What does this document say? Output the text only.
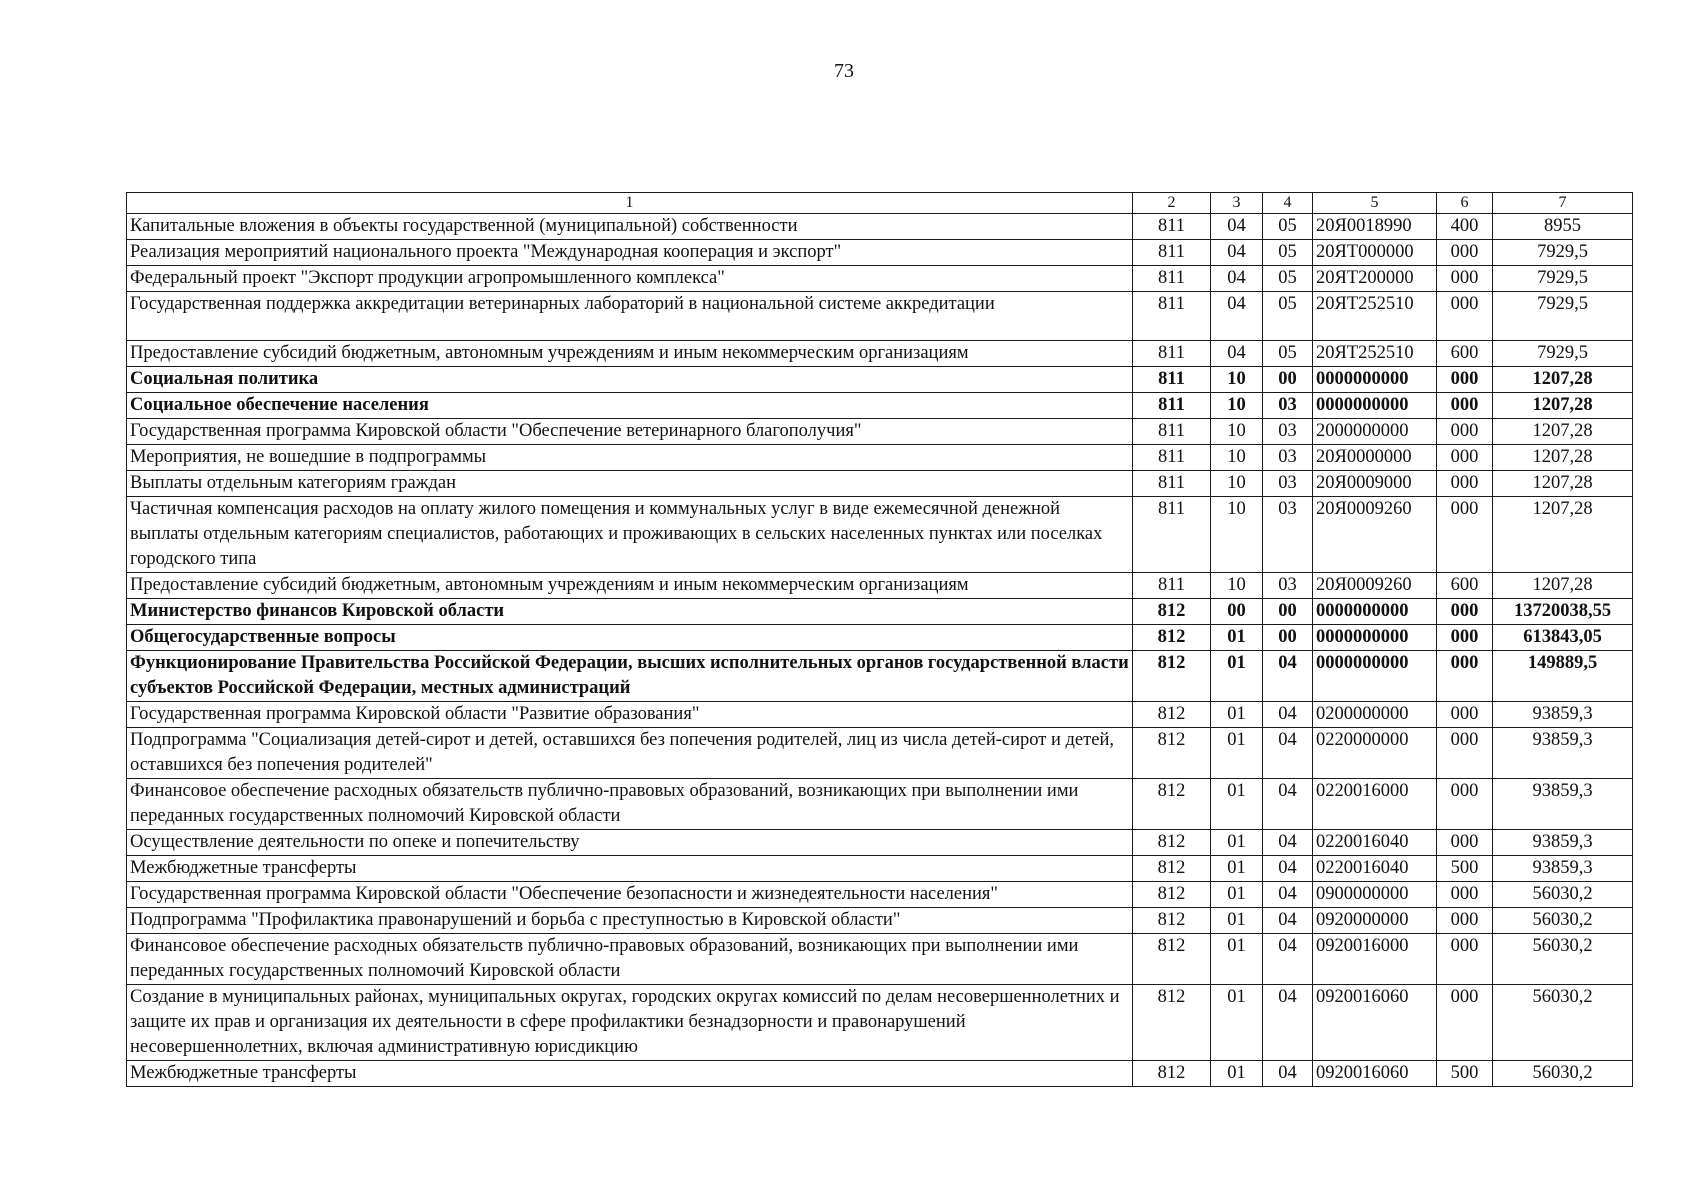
73
1	2	3	4	5	6	7
Капитальные вложения в объекты государственной (муниципальной) собственности	811	04	05	20Я0018990	400	8955
Реализация мероприятий национального проекта "Международная кооперация и экспорт"	811	04	05	20ЯТ000000	000	7929,5
Федеральный проект "Экспорт продукции агропромышленного комплекса"	811	04	05	20ЯТ200000	000	7929,5
Государственная поддержка аккредитации ветеринарных лабораторий в национальной системе аккредитации	811	04	05	20ЯТ252510	000	7929,5
Предоставление субсидий бюджетным, автономным учреждениям и иным некоммерческим организациям	811	04	05	20ЯТ252510	600	7929,5
Социальная политика	811	10	00	0000000000	000	1207,28
Социальное обеспечение населения	811	10	03	0000000000	000	1207,28
Государственная программа Кировской области "Обеспечение ветеринарного благополучия"	811	10	03	2000000000	000	1207,28
Мероприятия, не вошедшие в подпрограммы	811	10	03	20Я0000000	000	1207,28
Выплаты отдельным категориям граждан	811	10	03	20Я0009000	000	1207,28
Частичная компенсация расходов на оплату жилого помещения и коммунальных услуг в виде ежемесячной денежной выплаты отдельным категориям специалистов, работающих и проживающих в сельских населенных пунктах или поселках городского типа	811	10	03	20Я0009260	000	1207,28
Предоставление субсидий бюджетным, автономным учреждениям и иным некоммерческим организациям	811	10	03	20Я0009260	600	1207,28
Министерство финансов Кировской области	812	00	00	0000000000	000	13720038,55
Общегосударственные вопросы	812	01	00	0000000000	000	613843,05
Функционирование Правительства Российской Федерации, высших исполнительных органов государственной власти субъектов Российской Федерации, местных администраций	812	01	04	0000000000	000	149889,5
Государственная программа Кировской области "Развитие образования"	812	01	04	0200000000	000	93859,3
Подпрограмма "Социализация детей-сирот и детей, оставшихся без попечения родителей, лиц из числа детей-сирот и детей, оставшихся без попечения родителей"	812	01	04	0220000000	000	93859,3
Финансовое обеспечение расходных обязательств публично-правовых образований, возникающих при выполнении ими переданных государственных полномочий Кировской области	812	01	04	0220016000	000	93859,3
Осуществление деятельности по опеке и попечительству	812	01	04	0220016040	000	93859,3
Межбюджетные трансферты	812	01	04	0220016040	500	93859,3
Государственная программа Кировской области "Обеспечение безопасности и жизнедеятельности населения"	812	01	04	0900000000	000	56030,2
Подпрограмма "Профилактика правонарушений и борьба с преступностью в Кировской области"	812	01	04	0920000000	000	56030,2
Финансовое обеспечение расходных обязательств публично-правовых образований, возникающих при выполнении ими переданных государственных полномочий Кировской области	812	01	04	0920016000	000	56030,2
Создание в муниципальных районах, муниципальных округах, городских округах комиссий по делам несовершеннолетних и защите их прав и организация их деятельности в сфере профилактики безнадзорности и правонарушений несовершеннолетних, включая административную юрисдикцию	812	01	04	0920016060	000	56030,2
Межбюджетные трансферты	812	01	04	0920016060	500	56030,2
